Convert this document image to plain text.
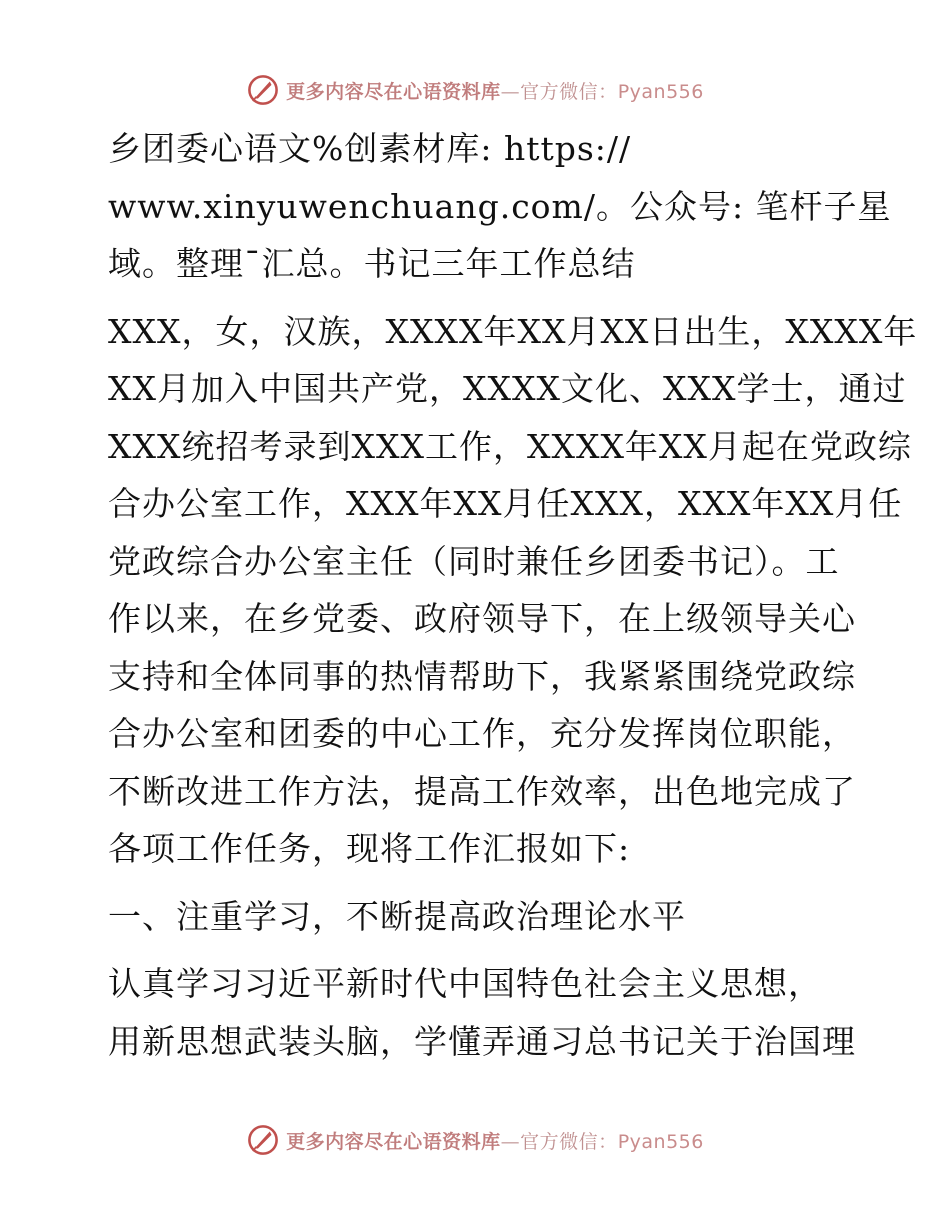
更多内容尽在心语资料库—官方微信：Pyan556
乡团委心语文%创素材库: https://
www.xinyuwenchuang.com/。公众号: 笔杆子星
域。整理¯汇总。书记三年工作总结
XXX，女，汉族，XXXX年XX月XX日出生，XXXX年
XX月加入中国共产党，XXXX文化、XXX学士，通过
XXX统招考录到XXX工作，XXXX年XX月起在党政综
合办公室工作，XXX年XX月任XXX，XXX年XX月任
党政综合办公室主任（同时兼任乡团委书记）。工
作以来，在乡党委、政府领导下，在上级领导关心
支持和全体同事的热情帮助下，我紧紧围绕党政综
合办公室和团委的中心工作，充分发挥岗位职能，
不断改进工作方法，提高工作效率，出色地完成了
各项工作任务，现将工作汇报如下:
一、注重学习，不断提高政治理论水平
认真学习习近平新时代中国特色社会主义思想，
用新思想武装头脑，学懂弄通习总书记关于治国理
更多内容尽在心语资料库—官方微信：Pyan556
